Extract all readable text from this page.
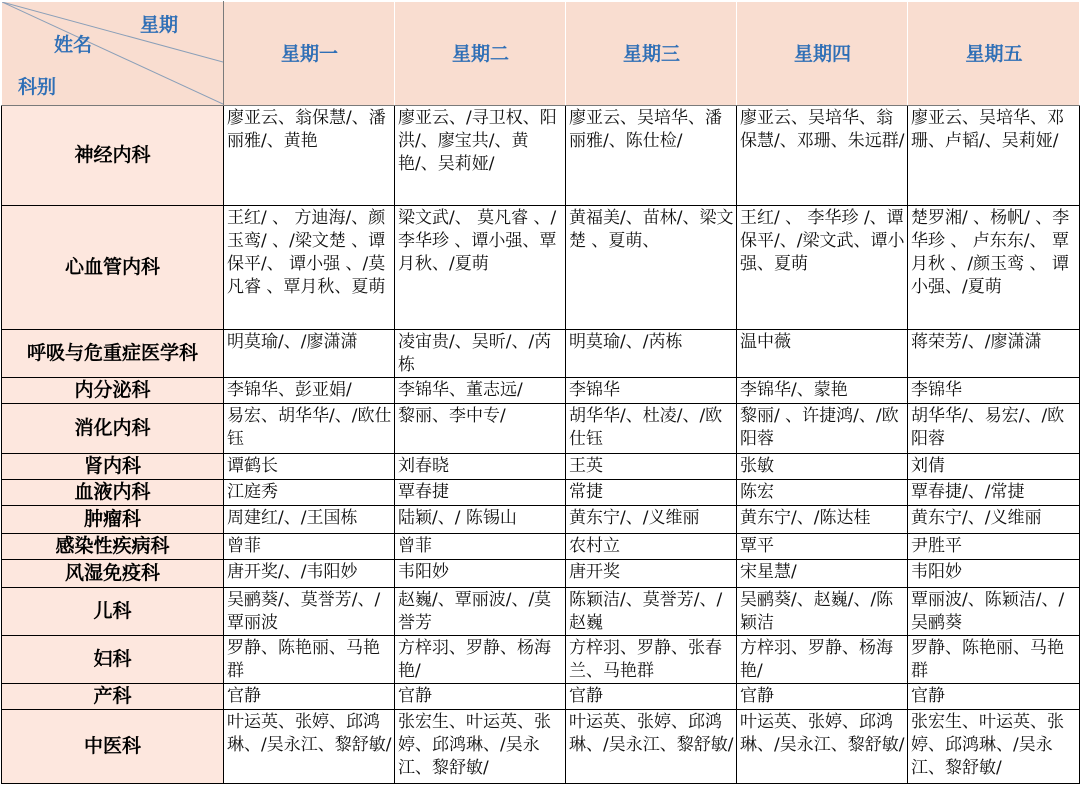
星期
姓名
科别	星期一	星期二	星期三	星期四	星期五
神经内科	廖亚云、翁保慧/、潘丽雅/、黄艳	廖亚云、/寻卫权、阳洪/、廖宝共/、黄艳/、吴莉娅/	廖亚云、吴培华、潘丽雅/、陈仕检/	廖亚云、吴培华、翁保慧/、邓珊、朱远群/	廖亚云、吴培华、邓珊、卢韬/、吴莉娅/
心血管内科	王红/ 、 方迪海/、颜玉鸾/ 、/梁文楚 、谭保平/、 谭小强 、/莫凡睿 、覃月秋、夏萌	梁文武/、 莫凡睿 、/李华珍 、谭小强、覃月秋、/夏萌	黄福美/、苗林/、梁文楚 、夏萌、	王红/ 、 李华珍 /、谭保平/、/梁文武、谭小强、夏萌	楚罗湘/ 、杨帆/ 、李华珍 、 卢东东/、 覃月秋 、/颜玉鸾 、 谭小强、/夏萌
呼吸与危重症医学科	明莫瑜/、/廖潇潇	凌宙贵/、吴昕/、/芮栋	明莫瑜/、/芮栋	温中薇	蒋荣芳/、/廖潇潇
内分泌科	李锦华、彭亚娟/	李锦华、董志远/	李锦华	李锦华/、蒙艳	李锦华
消化内科	易宏、胡华华/、/欧仕钰	黎丽、李中专/	胡华华/、杜凌/、/欧仕钰	黎丽/ 、许捷鸿/、/欧阳蓉	胡华华/、易宏/、/欧阳蓉
肾内科	谭鹤长	刘春晓	王英	张敏	刘倩
血液内科	江庭秀	覃春捷	常捷	陈宏	覃春捷/、/常捷
肿瘤科	周建红/、/王国栋	陆颖/、/ 陈锡山	黄东宁/、/义维丽	黄东宁/、/陈达桂	黄东宁/、/义维丽
感染性疾病科	曾菲	曾菲	农村立	覃平	尹胜平
风湿免疫科	唐开奖/、/韦阳妙	韦阳妙	唐开奖	宋星慧/	韦阳妙
儿科	吴鹂葵/、莫誉芳/、/覃丽波	赵巍/、覃丽波/、/莫誉芳	陈颖洁/、莫誉芳/、/赵巍	吴鹂葵/、赵巍/、/陈颖洁	覃丽波/、陈颖洁/、/吴鹂葵
妇科	罗静、陈艳丽、马艳群	方梓羽、罗静、杨海艳/	方梓羽、罗静、张春兰、马艳群	方梓羽、罗静、杨海艳/	罗静、陈艳丽、马艳群
产科	官静	官静	官静	官静	官静
中医科	叶运英、张婷、邱鸿琳、/吴永江、黎舒敏/	张宏生、叶运英、张婷、邱鸿琳、/吴永江、黎舒敏/	叶运英、张婷、邱鸿琳、/吴永江、黎舒敏/	叶运英、张婷、邱鸿琳、/吴永江、黎舒敏/	张宏生、叶运英、张婷、邱鸿琳、/吴永江、黎舒敏/
